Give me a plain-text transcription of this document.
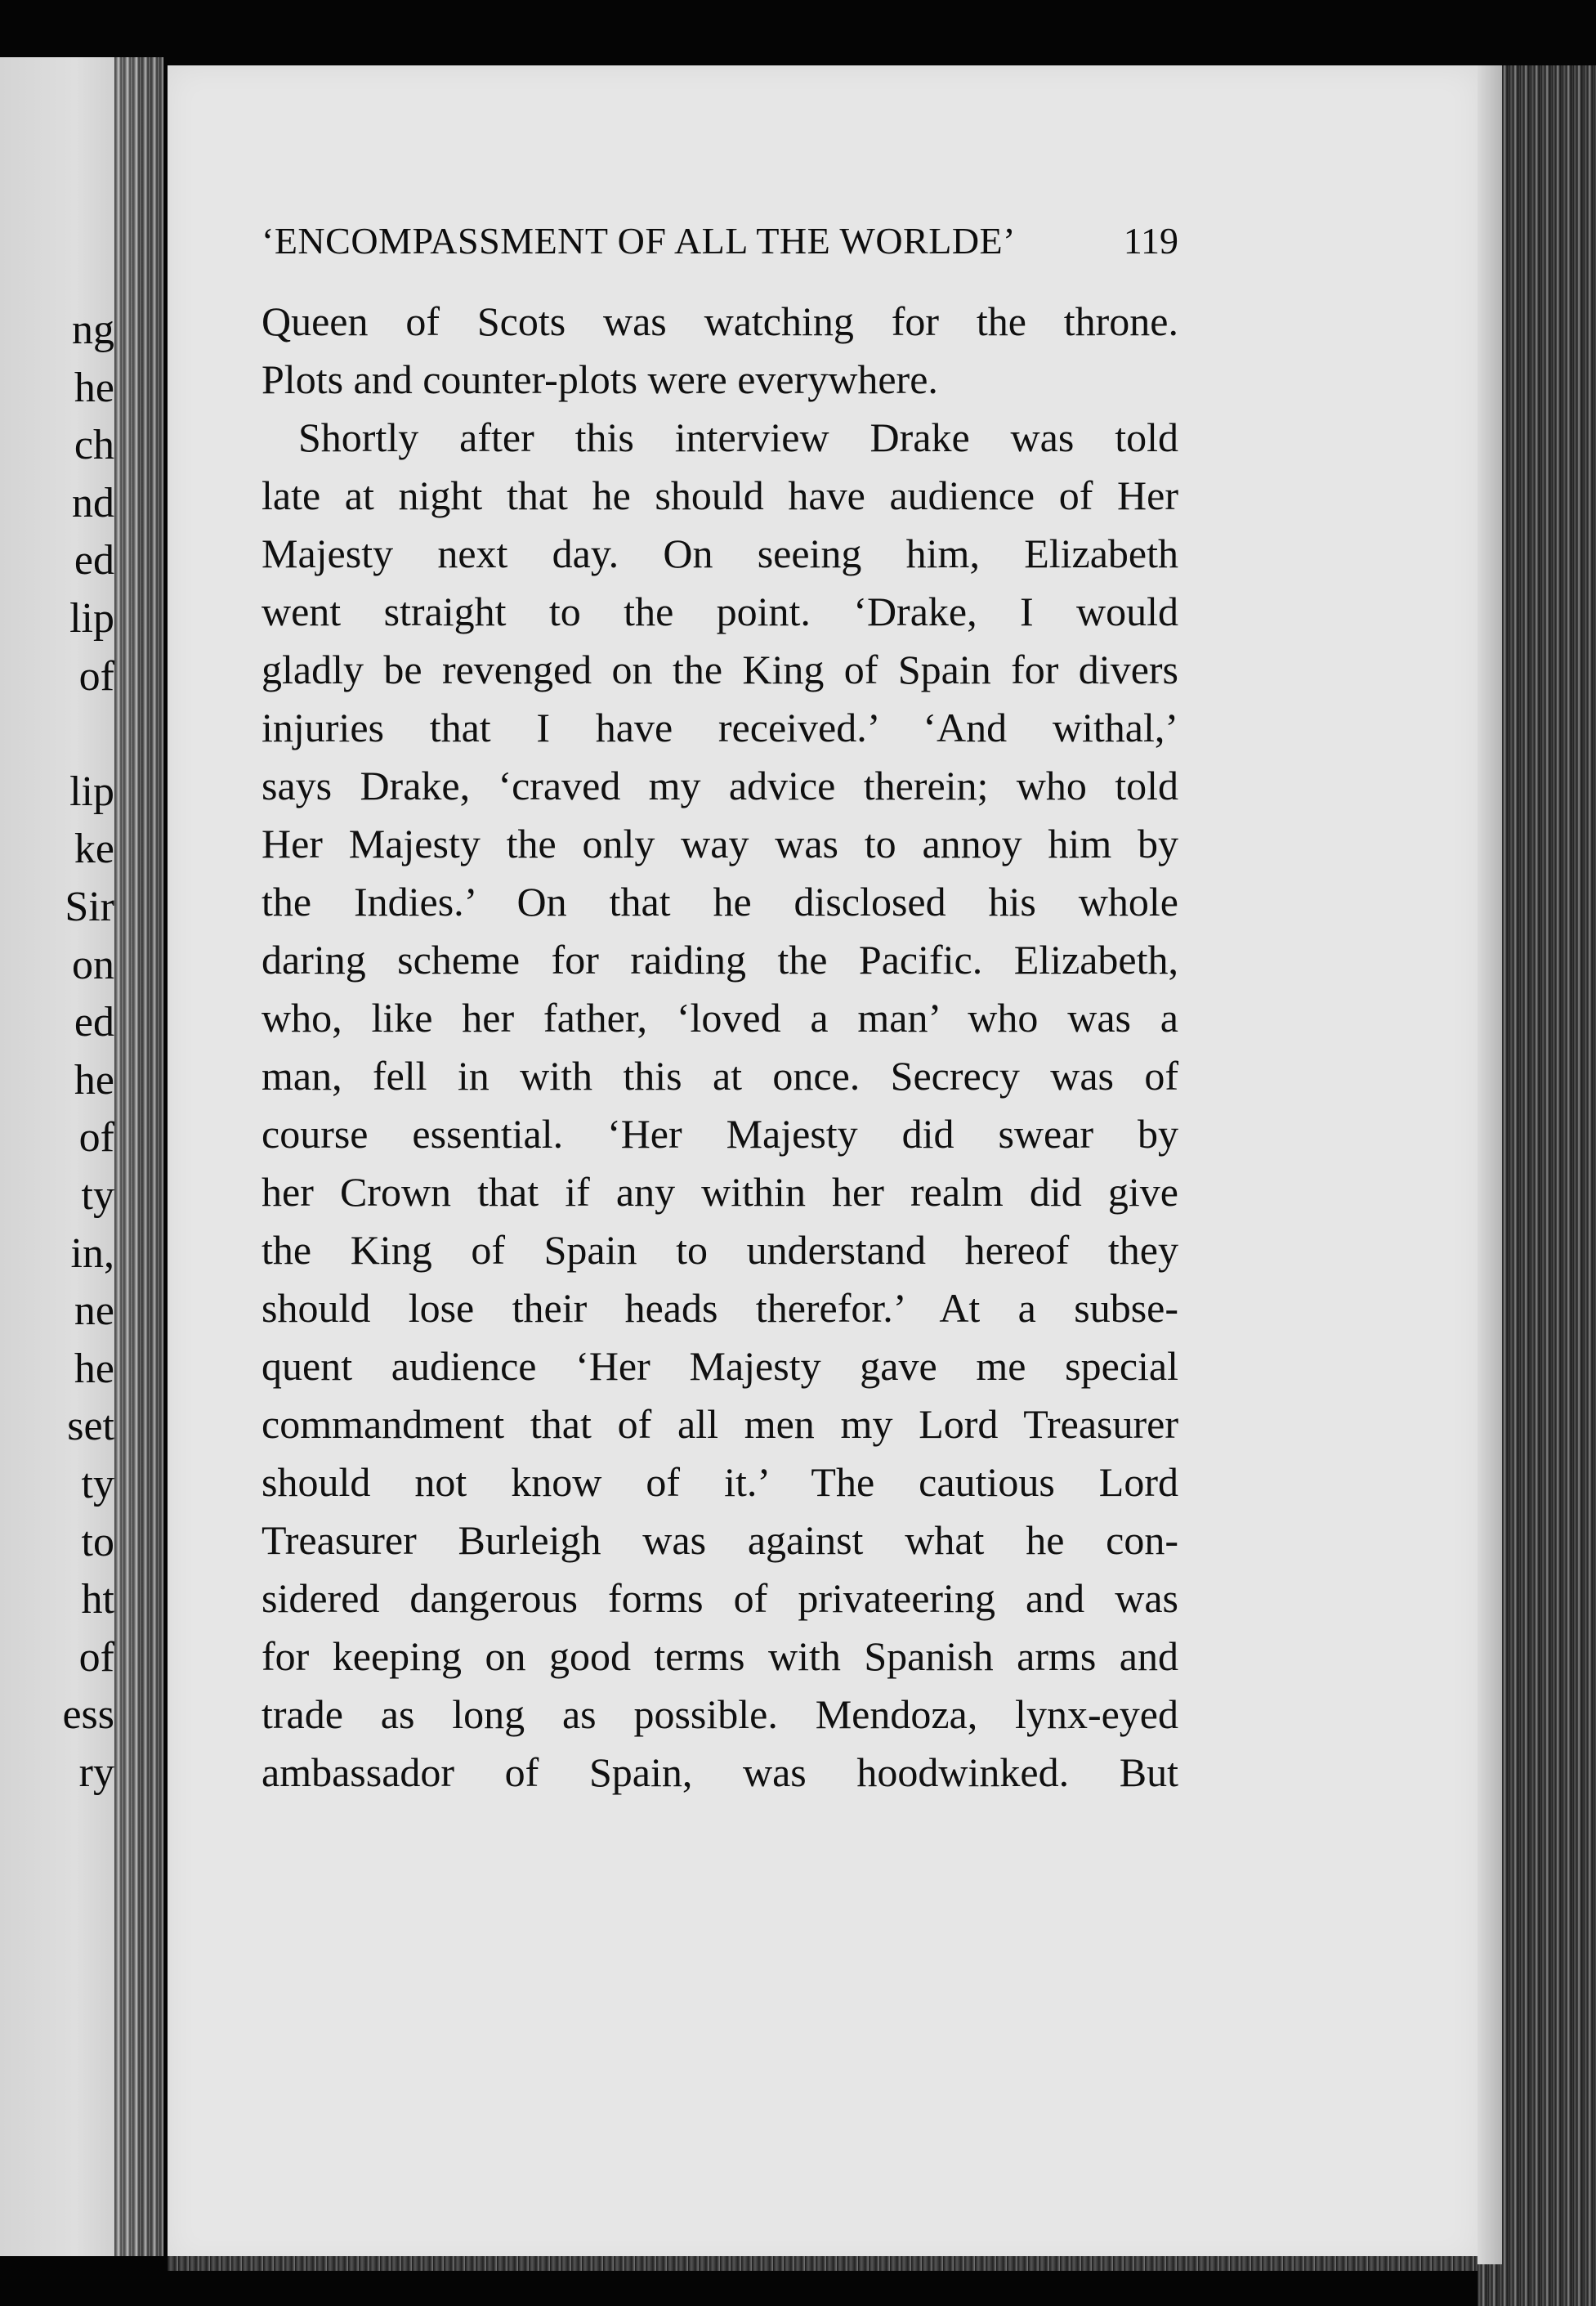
ng
he
ch
nd
ed
lip
of
lip
ke
Sir
on
ed
he
of
ty
in,
ne
he
set
ty
to
ht
of
ess
ry
‘ENCOMPASSMENT OF ALL THE WORLDE’	119
Queen of Scots was watching for the throne.
Plots and counter-plots were everywhere.
Shortly after this interview Drake was told
late at night that he should have audience of Her
Majesty next day. On seeing him, Elizabeth
went straight to the point. ‘Drake, I would
gladly be revenged on the King of Spain for divers
injuries that I have received.’ ‘And withal,’
says Drake, ‘craved my advice therein; who told
Her Majesty the only way was to annoy him by
the Indies.’ On that he disclosed his whole
daring scheme for raiding the Pacific. Elizabeth,
who, like her father, ‘loved a man’ who was a
man, fell in with this at once. Secrecy was of
course essential. ‘Her Majesty did swear by
her Crown that if any within her realm did give
the King of Spain to understand hereof they
should lose their heads therefor.’ At a subse-
quent audience ‘Her Majesty gave me special
commandment that of all men my Lord Treasurer
should not know of it.’ The cautious Lord
Treasurer Burleigh was against what he con-
sidered dangerous forms of privateering and was
for keeping on good terms with Spanish arms and
trade as long as possible. Mendoza, lynx-eyed
ambassador of Spain, was hoodwinked. But
